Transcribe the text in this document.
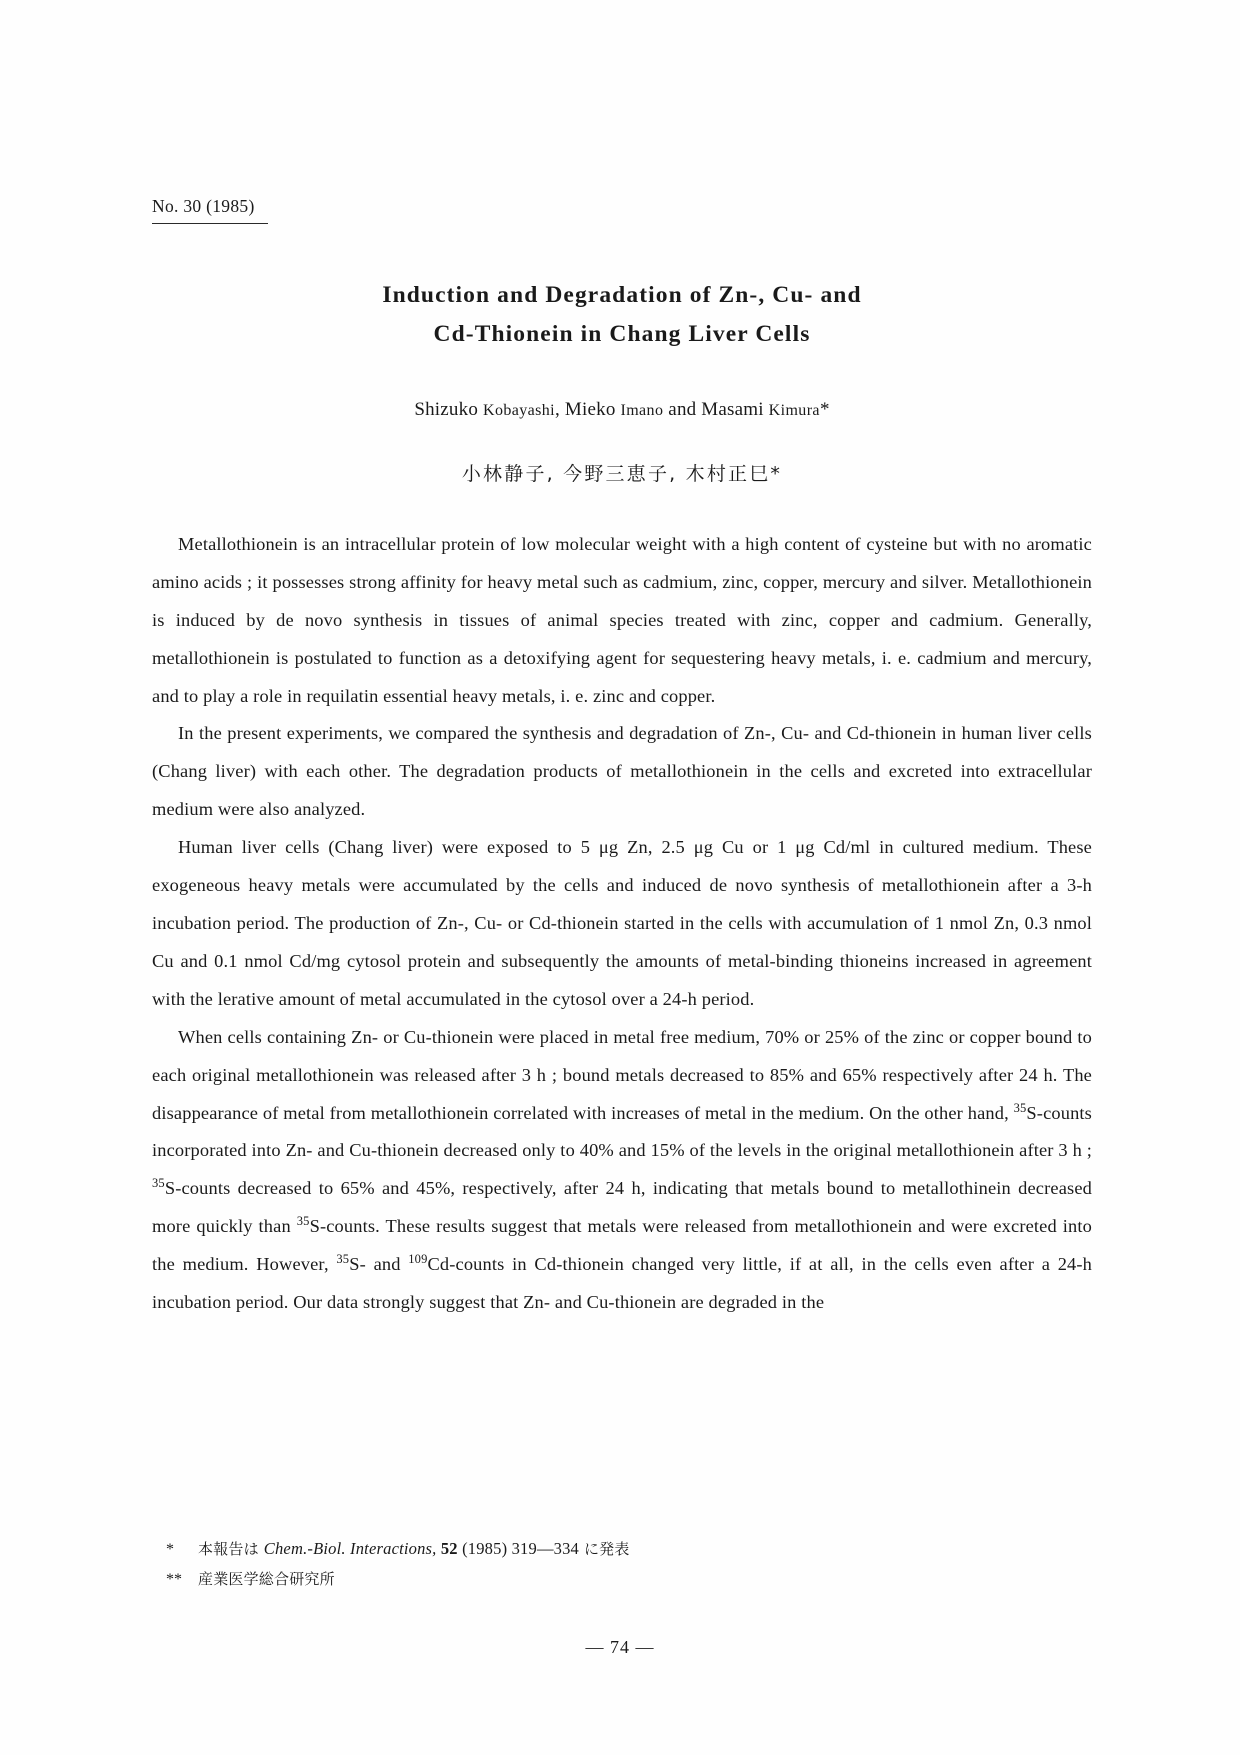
No. 30 (1985)
Induction and Degradation of Zn-, Cu- and
Cd-Thionein in Chang Liver Cells
Shizuko Kobayashi, Mieko Imano and Masami Kimura*
小林静子, 今野三恵子, 木村正巳*

Metallothionein is an intracellular protein of low molecular weight with a high content of cysteine but with no aromatic amino acids ; it possesses strong affinity for heavy metal such as cadmium, zinc, copper, mercury and silver. Metallothionein is induced by de novo synthesis in tissues of animal species treated with zinc, copper and cadmium. Generally, metallothionein is postulated to function as a detoxifying agent for sequestering heavy metals, i. e. cadmium and mercury, and to play a role in requilatin essential heavy metals, i. e. zinc and copper.

In the present experiments, we compared the synthesis and degradation of Zn-, Cu- and Cd-thionein in human liver cells (Chang liver) with each other. The degradation products of metallothionein in the cells and excreted into extracellular medium were also analyzed.

Human liver cells (Chang liver) were exposed to 5 μg Zn, 2.5 μg Cu or 1 μg Cd/ml in cultured medium. These exogeneous heavy metals were accumulated by the cells and induced de novo synthesis of metallothionein after a 3-h incubation period. The production of Zn-, Cu- or Cd-thionein started in the cells with accumulation of 1 nmol Zn, 0.3 nmol Cu and 0.1 nmol Cd/mg cytosol protein and subsequently the amounts of metal-binding thioneins increased in agreement with the lerative amount of metal accumulated in the cytosol over a 24-h period.

When cells containing Zn- or Cu-thionein were placed in metal free medium, 70% or 25% of the zinc or copper bound to each original metallothionein was released after 3 h ; bound metals decreased to 85% and 65% respectively after 24 h. The disappearance of metal from metallothionein correlated with increases of metal in the medium. On the other hand, $^{35}$S-counts incorporated into Zn- and Cu-thionein decreased only to 40% and 15% of the levels in the original metallothionein after 3 h ; $^{35}$S-counts decreased to 65% and 45%, respectively, after 24 h, indicating that metals bound to metallothinein decreased more quickly than $^{35}$S-counts. These results suggest that metals were released from metallothionein and were excreted into the medium. However, $^{35}$S- and $^{109}$Cd-counts in Cd-thionein changed very little, if at all, in the cells even after a 24-h incubation period. Our data strongly suggest that Zn- and Cu-thionein are degraded in the

*	本報告は Chem.-Biol. Interactions, 52 (1985) 319—334 に発表
**	産業医学総合研究所
— 74 —
